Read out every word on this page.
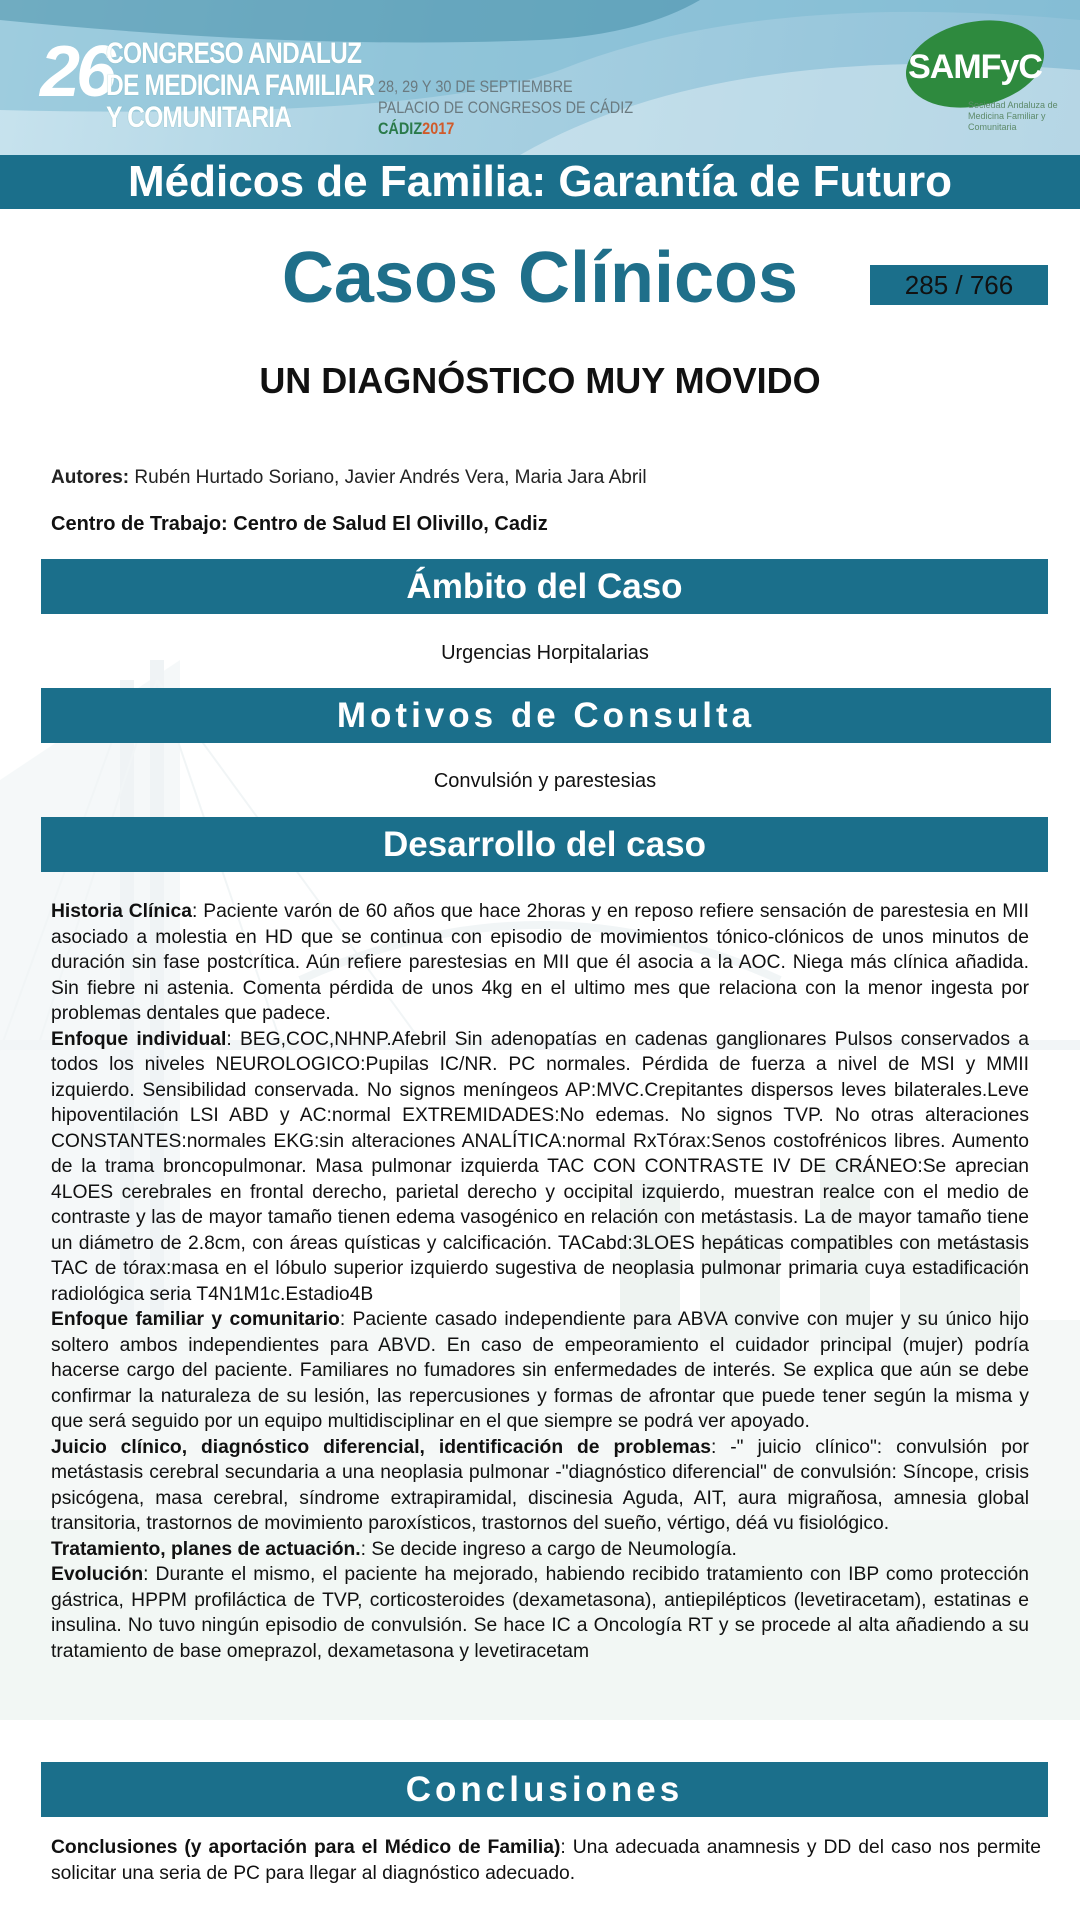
26
CONGRESO ANDALUZ
DE MEDICINA FAMILIAR
Y COMUNITARIA
28, 29 Y 30 DE SEPTIEMBRE
PALACIO DE CONGRESOS DE CÁDIZ
CÁDIZ2017
SAMFyC
Sociedad Andaluza de Medicina Familiar y Comunitaria
Médicos de Familia: Garantía de Futuro
Casos Clínicos	285 / 766
UN DIAGNÓSTICO MUY MOVIDO
Autores: Rubén Hurtado Soriano, Javier Andrés Vera, Maria Jara Abril
Centro de Trabajo: Centro de Salud El Olivillo, Cadiz
Ámbito del Caso
Urgencias Horpitalarias
Motivos de Consulta
Convulsión y parestesias
Desarrollo del caso

Historia Clínica: Paciente varón de 60 años que hace 2horas y en reposo refiere sensación de parestesia en MII asociado a molestia en HD que se continua con episodio de movimientos tónico-clónicos de unos minutos de duración sin fase postcrítica. Aún refiere parestesias en MII que él asocia a la AOC. Niega más clínica añadida. Sin fiebre ni astenia. Comenta pérdida de unos 4kg en el ultimo mes que relaciona con la menor ingesta por problemas dentales que padece.

Enfoque individual: BEG,COC,NHNP.Afebril Sin adenopatías en cadenas ganglionares Pulsos conservados a todos los niveles NEUROLOGICO:Pupilas IC/NR. PC normales. Pérdida de fuerza a nivel de MSI y MMII izquierdo. Sensibilidad conservada. No signos meníngeos AP:MVC.Crepitantes dispersos leves bilaterales.Leve hipoventilación LSI ABD y AC:normal EXTREMIDADES:No edemas. No signos TVP. No otras alteraciones CONSTANTES:normales EKG:sin alteraciones ANALÍTICA:normal RxTórax:Senos costofrénicos libres. Aumento de la trama broncopulmonar. Masa pulmonar izquierda TAC CON CONTRASTE IV DE CRÁNEO:Se aprecian 4LOES cerebrales en frontal derecho, parietal derecho y occipital izquierdo, muestran realce con el medio de contraste y las de mayor tamaño tienen edema vasogénico en relación con metástasis. La de mayor tamaño tiene un diámetro de 2.8cm, con áreas quísticas y calcificación. TACabd:3LOES hepáticas compatibles con metástasis TAC de tórax:masa en el lóbulo superior izquierdo sugestiva de neoplasia pulmonar primaria cuya estadificación radiológica seria T4N1M1c.Estadio4B

Enfoque familiar y comunitario: Paciente casado independiente para ABVA convive con mujer y su único hijo soltero ambos independientes para ABVD. En caso de empeoramiento el cuidador principal (mujer) podría hacerse cargo del paciente. Familiares no fumadores sin enfermedades de interés. Se explica que aún se debe confirmar la naturaleza de su lesión, las repercusiones y formas de afrontar que puede tener según la misma y que será seguido por un equipo multidisciplinar en el que siempre se podrá ver apoyado.

Juicio clínico, diagnóstico diferencial, identificación de problemas: -" juicio clínico": convulsión por metástasis cerebral secundaria a una neoplasia pulmonar -"diagnóstico diferencial" de convulsión: Síncope, crisis psicógena, masa cerebral, síndrome extrapiramidal, discinesia Aguda, AIT, aura migrañosa, amnesia global transitoria, trastornos de movimiento paroxísticos, trastornos del sueño, vértigo, déá vu fisiológico.

Tratamiento, planes de actuación.: Se decide ingreso a cargo de Neumología.

Evolución: Durante el mismo, el paciente ha mejorado, habiendo recibido tratamiento con IBP como protección gástrica, HPPM profiláctica de TVP, corticosteroides (dexametasona), antiepilépticos (levetiracetam), estatinas e insulina. No tuvo ningún episodio de convulsión. Se hace IC a Oncología RT y se procede al alta añadiendo a su tratamiento de base omeprazol, dexametasona y levetiracetam

Conclusiones
Conclusiones (y aportación para el Médico de Familia): Una adecuada anamnesis y DD del caso nos permite solicitar una seria de PC para llegar al diagnóstico adecuado.
